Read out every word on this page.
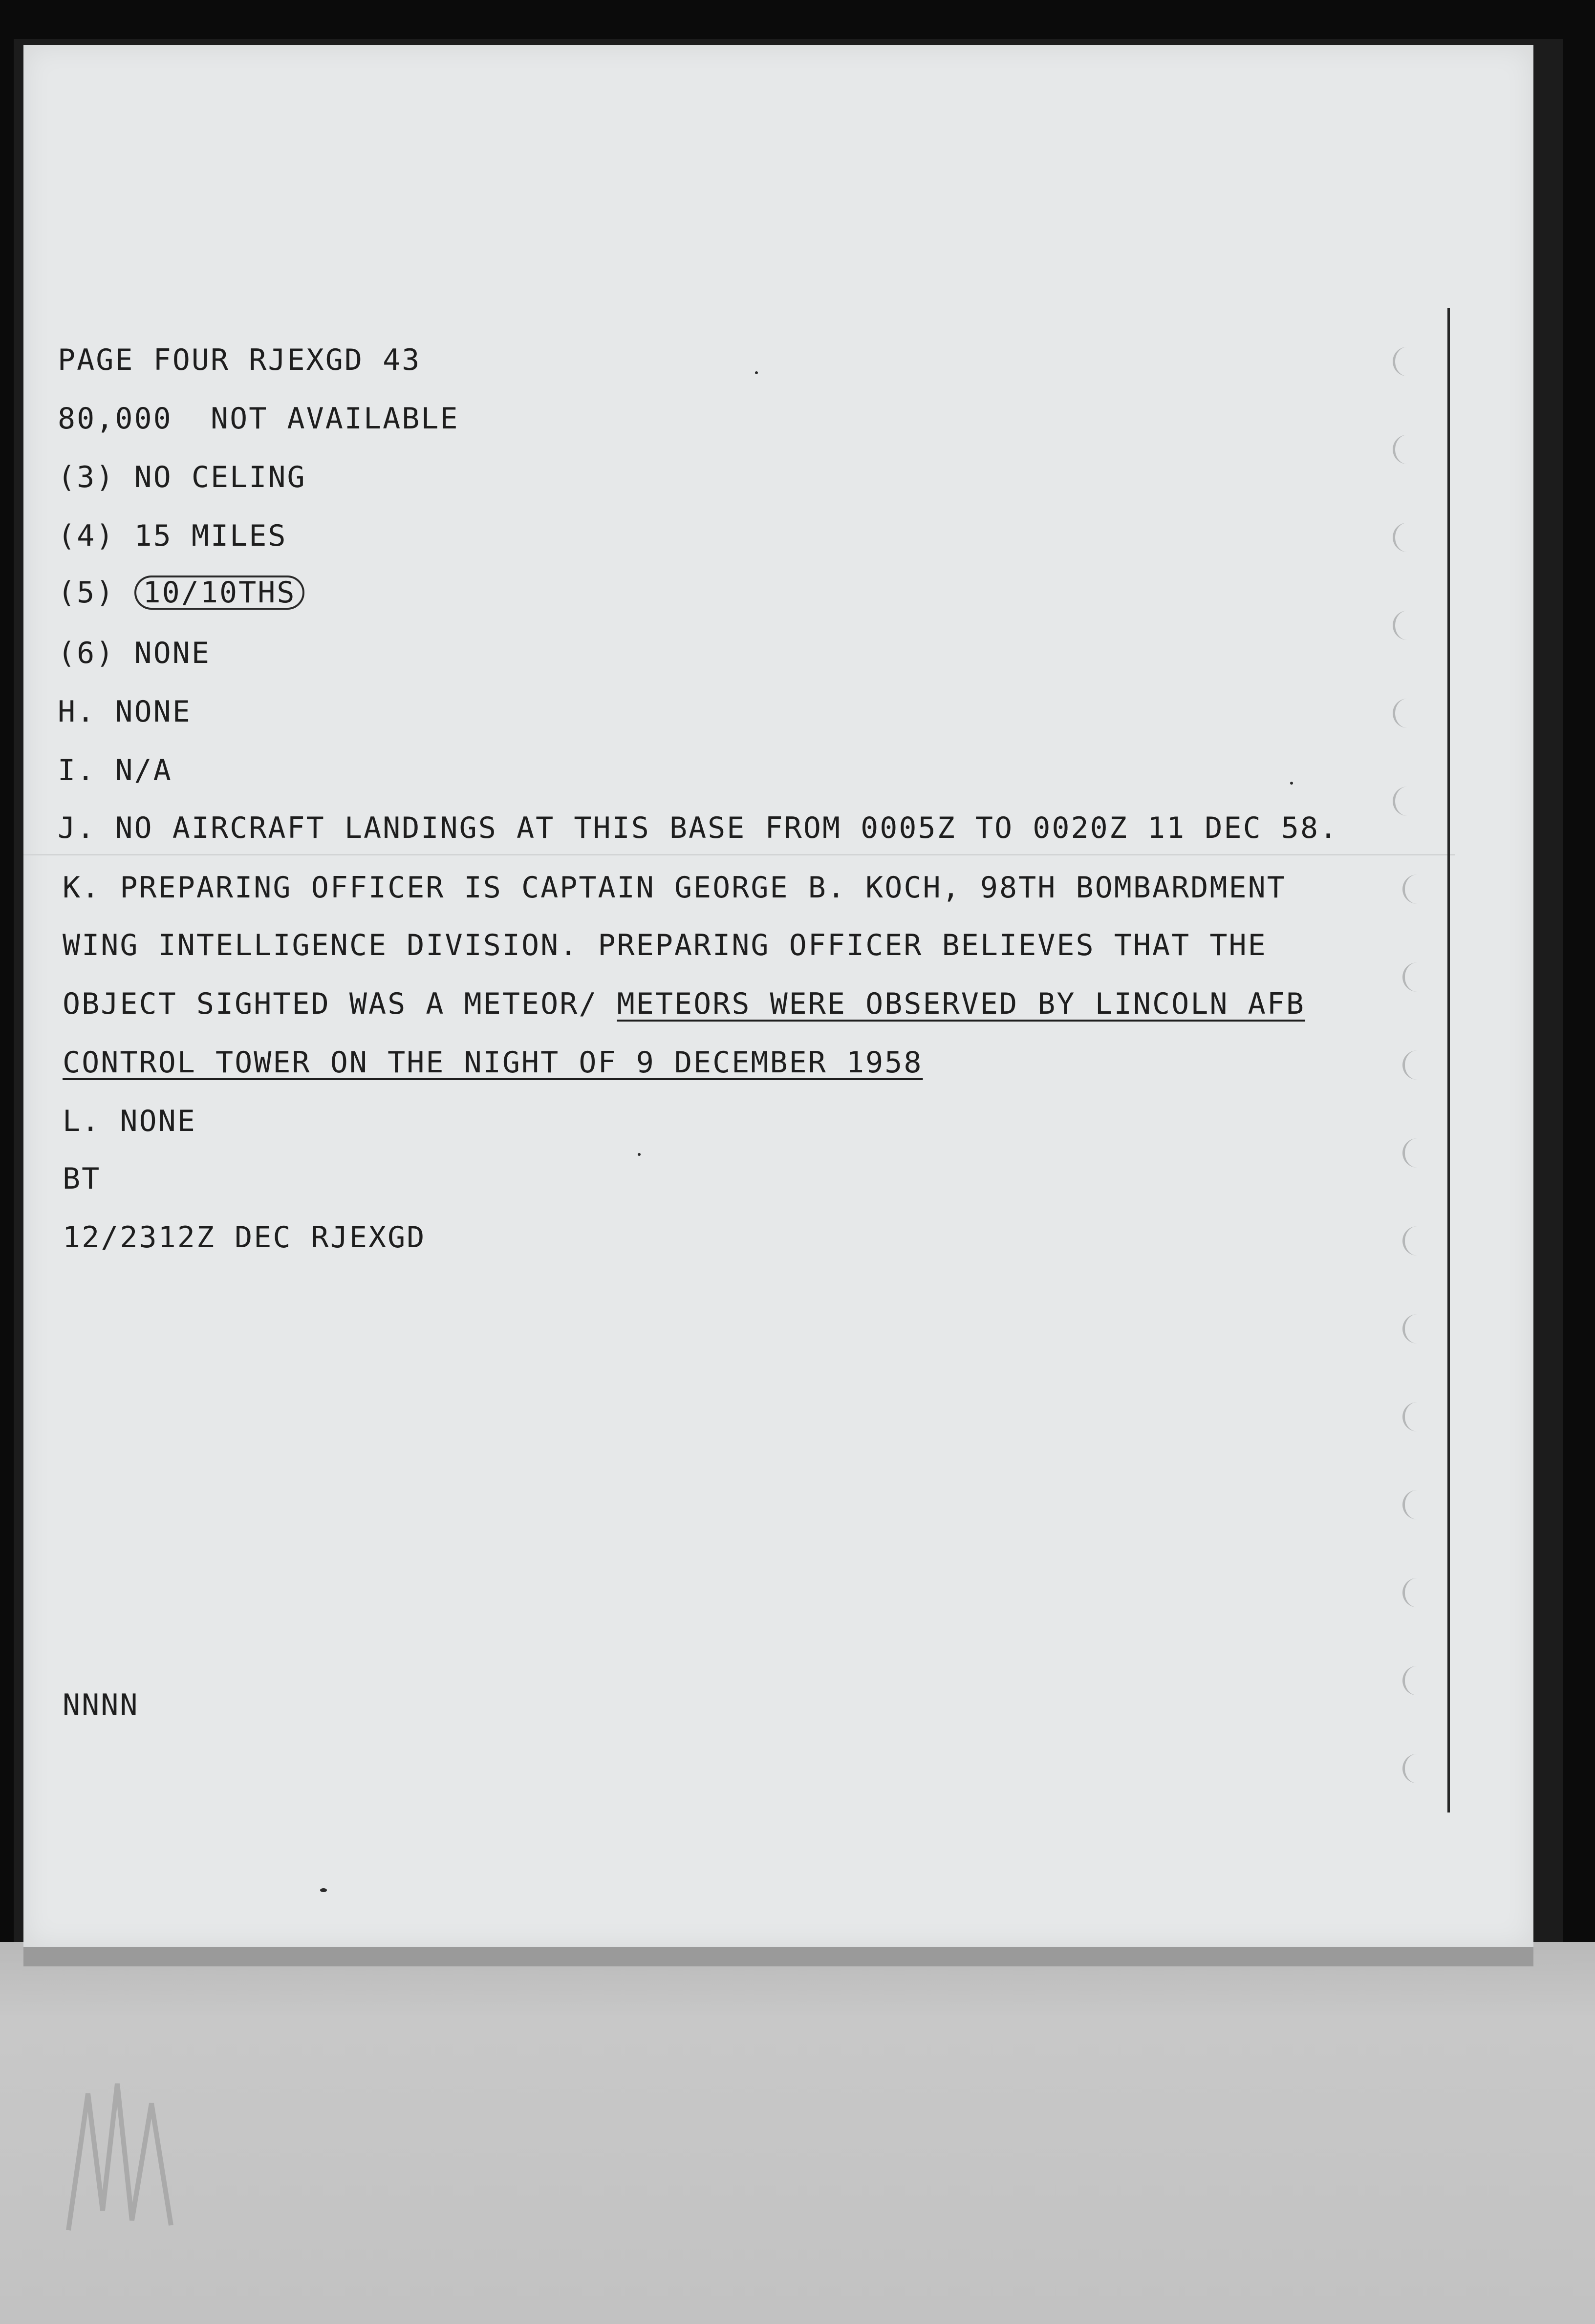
PAGE FOUR RJEXGD 43
80,000 NOT AVAILABLE
(3) NO CELING
(4) 15 MILES
(5) 10/10THS
(6) NONE
H. NONE
I. N/A
J. NO AIRCRAFT LANDINGS AT THIS BASE FROM 0005Z TO 0020Z 11 DEC 58.
K. PREPARING OFFICER IS CAPTAIN GEORGE B. KOCH, 98TH BOMBARDMENT
WING INTELLIGENCE DIVISION. PREPARING OFFICER BELIEVES THAT THE
OBJECT SIGHTED WAS A METEOR/ METEORS WERE OBSERVED BY LINCOLN AFB
CONTROL TOWER ON THE NIGHT OF 9 DECEMBER 1958
L. NONE
BT
12/2312Z DEC RJEXGD
NNNN
